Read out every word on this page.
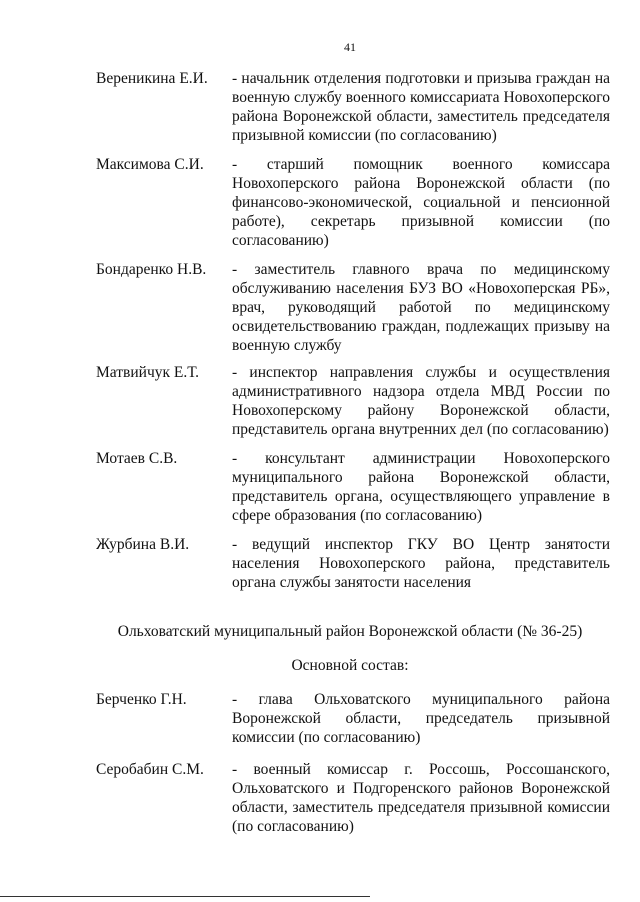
41
Вереникина Е.И. - начальник отделения подготовки и призыва граждан на военную службу военного комиссариата Новохоперского района Воронежской области, заместитель председателя призывной комиссии (по согласованию)
Максимова С.И. - старший помощник военного комиссара Новохоперского района Воронежской области (по финансово-экономической, социальной и пенсионной работе), секретарь призывной комиссии (по согласованию)
Бондаренко Н.В. - заместитель главного врача по медицинскому обслуживанию населения БУЗ ВО «Новохоперская РБ», врач, руководящий работой по медицинскому освидетельствованию граждан, подлежащих призыву на военную службу
Матвийчук Е.Т. - инспектор направления службы и осуществления административного надзора отдела МВД России по Новохоперскому району Воронежской области, представитель органа внутренних дел (по согласованию)
Мотаев С.В.	- консультант администрации Новохоперского муниципального района Воронежской области, представитель органа, осуществляющего управление в сфере образования (по согласованию)
Журбина В.И.	- ведущий инспектор ГКУ ВО Центр занятости населения Новохоперского района, представитель органа службы занятости населения
Ольховатский муниципальный район Воронежской области (№ 36-25)
Основной состав:
Берченко Г.Н.	- глава Ольховатского муниципального района Воронежской области, председатель призывной комиссии (по согласованию)
Серобабин С.М. - военный комиссар г. Россошь, Россошанского, Ольховатского и Подгоренского районов Воронежской области, заместитель председателя призывной комиссии (по согласованию)
